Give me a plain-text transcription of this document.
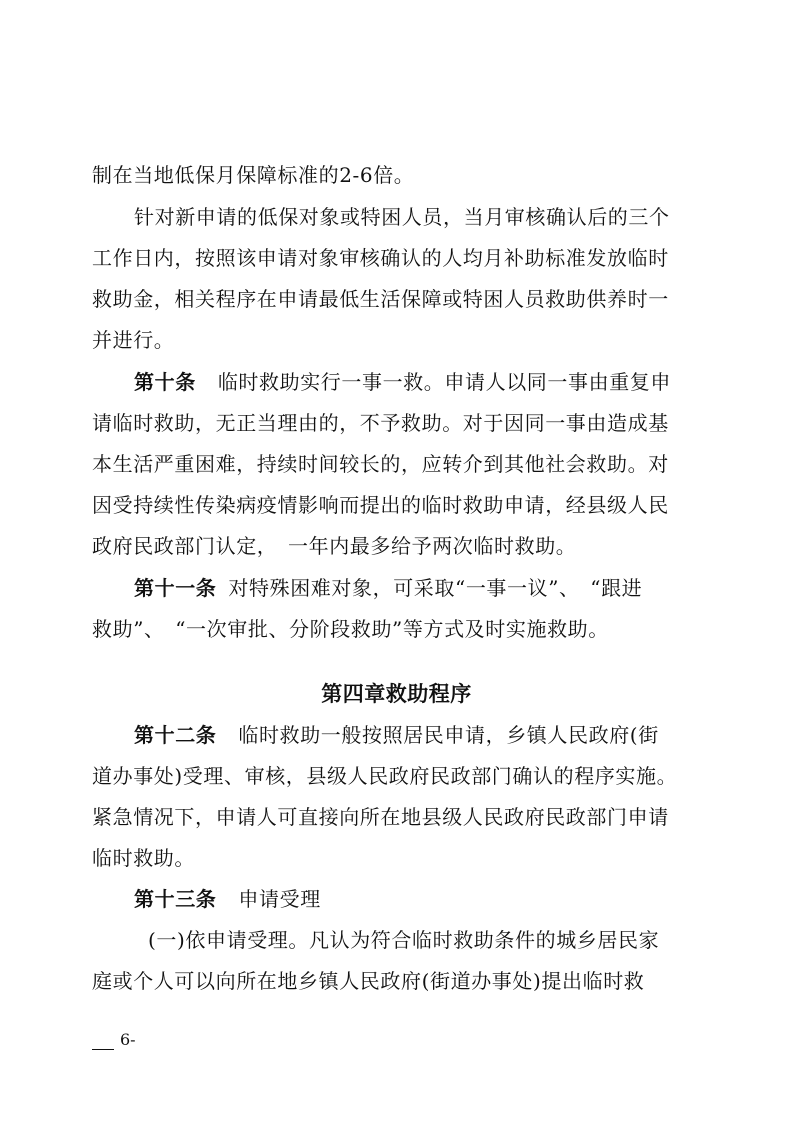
制在当地低保月保障标准的2-6倍。
针对新申请的低保对象或特困人员，当月审核确认后的三个
工作日内，按照该申请对象审核确认的人均月补助标准发放临时
救助金，相关程序在申请最低生活保障或特困人员救助供养时一
并进行。
第十条 临时救助实行一事一救。申请人以同一事由重复申
请临时救助，无正当理由的，不予救助。对于因同一事由造成基
本生活严重困难，持续时间较长的，应转介到其他社会救助。对
因受持续性传染病疫情影响而提出的临时救助申请，经县级人民
政府民政部门认定，　一年内最多给予两次临时救助。
第十一条 对特殊困难对象，可采取“一事一议”、　“跟进
救助”、　“一次审批、分阶段救助”等方式及时实施救助。
第四章救助程序
第十二条 临时救助一般按照居民申请，乡镇人民政府(街
道办事处)受理、审核，县级人民政府民政部门确认的程序实施。
紧急情况下，申请人可直接向所在地县级人民政府民政部门申请
临时救助。
第十三条 申请受理
(一)依申请受理。凡认为符合临时救助条件的城乡居民家
庭或个人可以向所在地乡镇人民政府(街道办事处)提出临时救
6-
